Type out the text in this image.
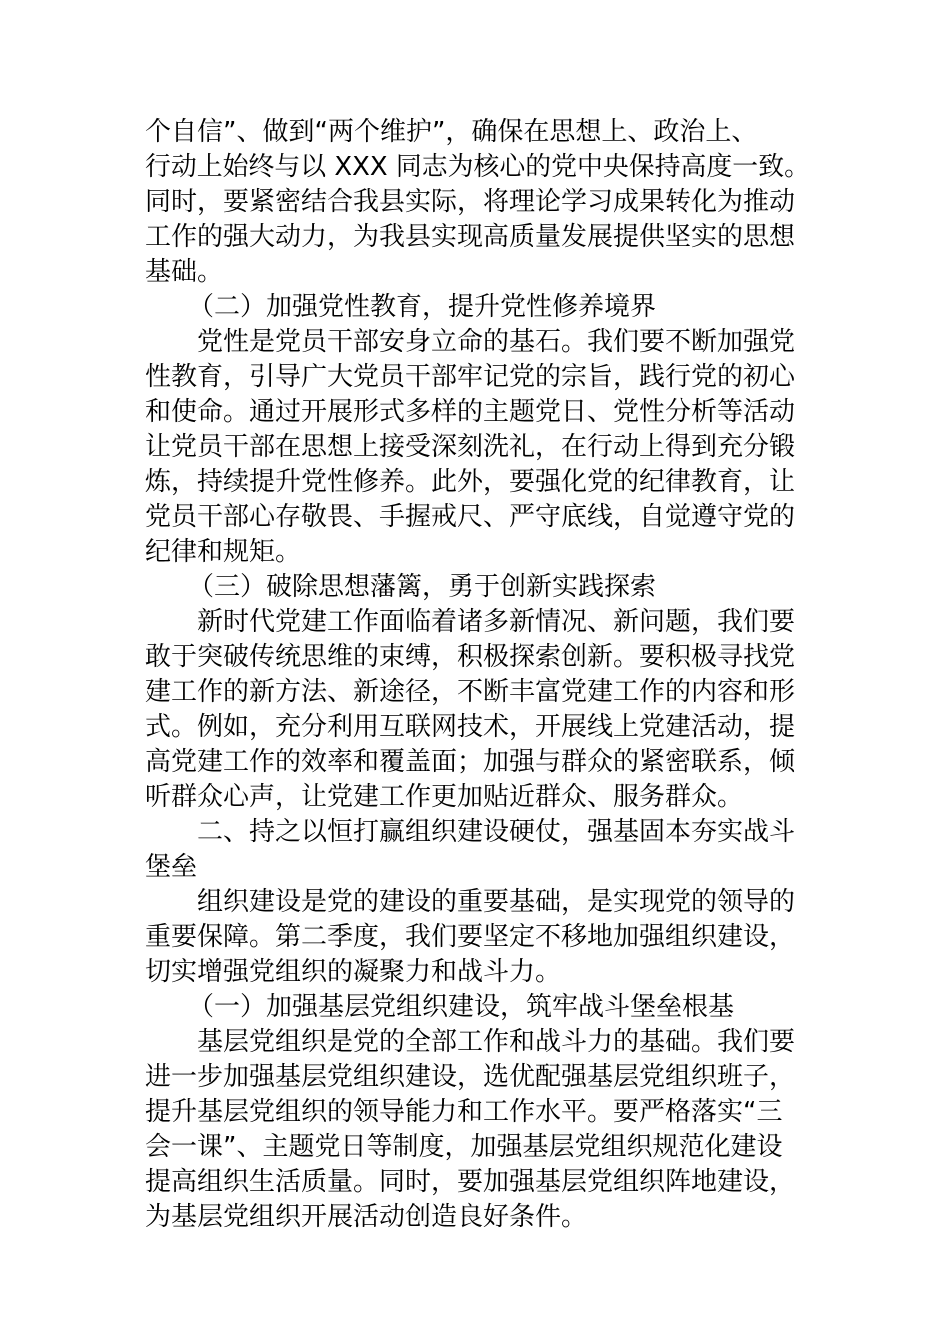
个自信”、做到“两个维护”，确保在思想上、政治上、
行动上始终与以 XXX 同志为核心的党中央保持高度一致。
同时，要紧密结合我县实际，将理论学习成果转化为推动
工作的强大动力，为我县实现高质量发展提供坚实的思想
基础。
（二）加强党性教育，提升党性修养境界
党性是党员干部安身立命的基石。我们要不断加强党
性教育，引导广大党员干部牢记党的宗旨，践行党的初心
和使命。通过开展形式多样的主题党日、党性分析等活动
让党员干部在思想上接受深刻洗礼，在行动上得到充分锻
炼，持续提升党性修养。此外，要强化党的纪律教育，让
党员干部心存敬畏、手握戒尺、严守底线，自觉遵守党的
纪律和规矩。
（三）破除思想藩篱，勇于创新实践探索
新时代党建工作面临着诸多新情况、新问题，我们要
敢于突破传统思维的束缚，积极探索创新。要积极寻找党
建工作的新方法、新途径，不断丰富党建工作的内容和形
式。例如，充分利用互联网技术，开展线上党建活动，提
高党建工作的效率和覆盖面；加强与群众的紧密联系，倾
听群众心声，让党建工作更加贴近群众、服务群众。
二、持之以恒打赢组织建设硬仗，强基固本夯实战斗
堡垒
组织建设是党的建设的重要基础，是实现党的领导的
重要保障。第二季度，我们要坚定不移地加强组织建设，
切实增强党组织的凝聚力和战斗力。
（一）加强基层党组织建设，筑牢战斗堡垒根基
基层党组织是党的全部工作和战斗力的基础。我们要
进一步加强基层党组织建设，选优配强基层党组织班子，
提升基层党组织的领导能力和工作水平。要严格落实“三
会一课”、主题党日等制度，加强基层党组织规范化建设
提高组织生活质量。同时，要加强基层党组织阵地建设，
为基层党组织开展活动创造良好条件。
